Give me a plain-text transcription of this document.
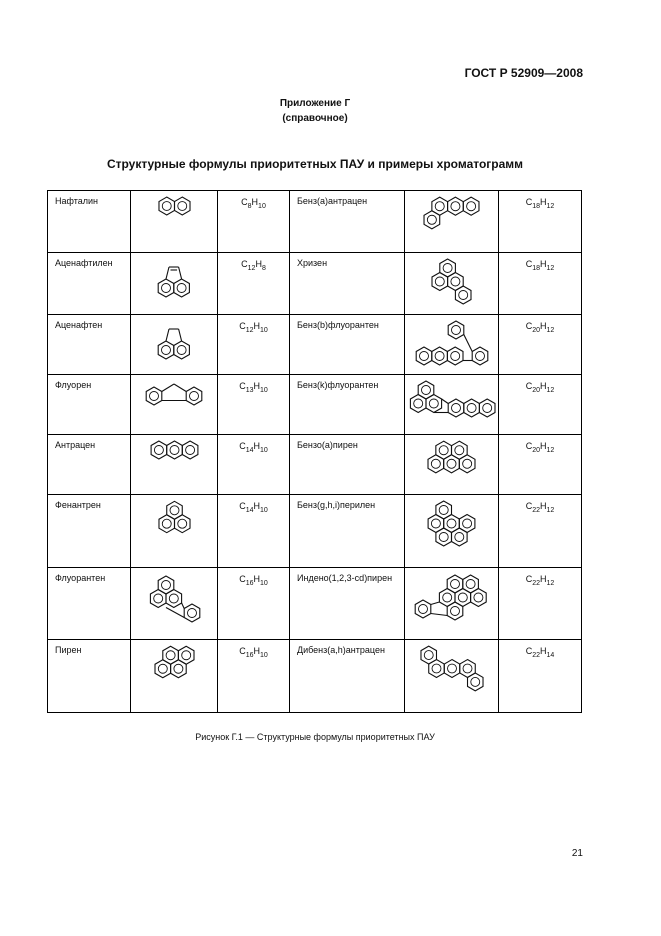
ГОСТ Р 52909—2008
Приложение Г
(справочное)
Структурные формулы приоритетных ПАУ и примеры хроматограмм
Нафталин		$C_8H_{10}$	Бенз(a)антрацен		$C_{18}H_{12}$
Аценафтилен		$C_{12}H_8$	Хризен		$C_{18}H_{12}$
Аценафтен		$C_{12}H_{10}$	Бенз(b)флуорантен		$C_{20}H_{12}$
Флуорен		$C_{13}H_{10}$	Бенз(k)флуорантен		$C_{20}H_{12}$
Антрацен		$C_{14}H_{10}$	Бензо(a)пирен		$C_{20}H_{12}$
Фенантрен		$C_{14}H_{10}$	Бенз(g,h,i)перилен		$C_{22}H_{12}$
Флуорантен		$C_{16}H_{10}$	Индено(1,2,3-cd)пирен		$C_{22}H_{12}$
Пирен		$C_{16}H_{10}$	Дибенз(a,h)антрацен		$C_{22}H_{14}$
Рисунок Г.1 — Структурные формулы приоритетных ПАУ
21
